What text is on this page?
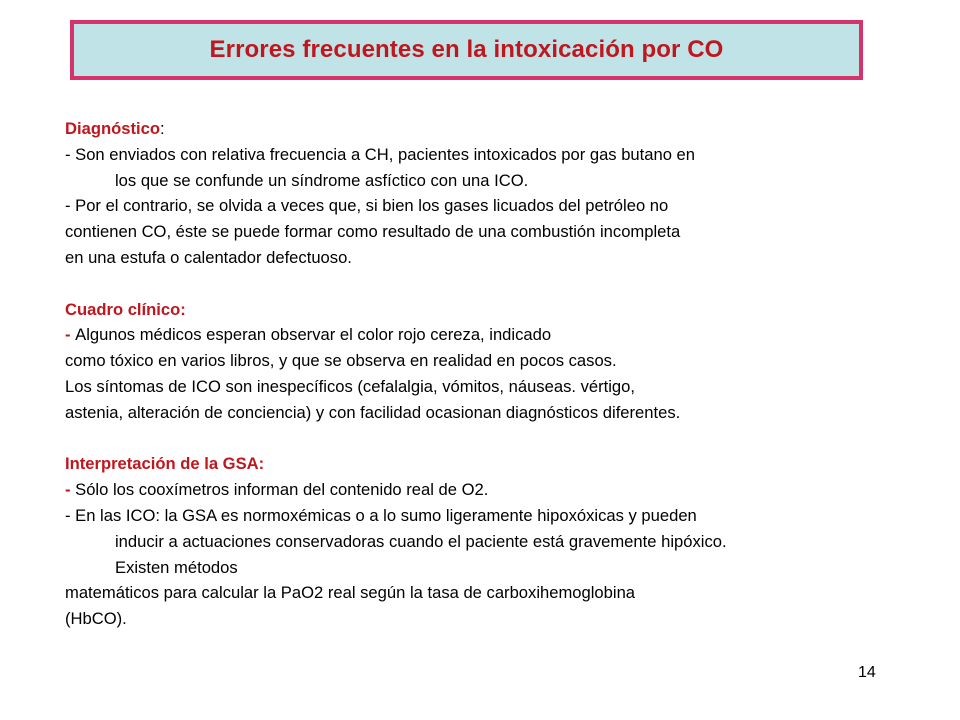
Errores frecuentes en la intoxicación por CO
Diagnóstico:
- Son enviados con relativa frecuencia a CH, pacientes intoxicados por gas butano en
los que se confunde un síndrome asfíctico con una ICO.
- Por el contrario, se olvida a veces que, si bien los gases licuados del petróleo no
contienen CO, éste se puede formar como resultado de una combustión incompleta
en una estufa o calentador defectuoso.
Cuadro clínico:
- Algunos médicos esperan observar el color rojo cereza, indicado
como tóxico en varios libros, y que se observa en realidad en pocos casos.
Los síntomas de ICO son inespecíficos (cefalalgia, vómitos, náuseas. vértigo,
astenia, alteración de conciencia) y con facilidad ocasionan diagnósticos diferentes.
Interpretación de la GSA:
- Sólo los cooxímetros informan del contenido real de O2.
- En las ICO: la GSA es normoxémicas o a lo sumo ligeramente hipoxóxicas y pueden
inducir a actuaciones conservadoras cuando el paciente está gravemente hipóxico.
Existen métodos
matemáticos para calcular la PaO2 real según la tasa de carboxihemoglobina
(HbCO).
14
